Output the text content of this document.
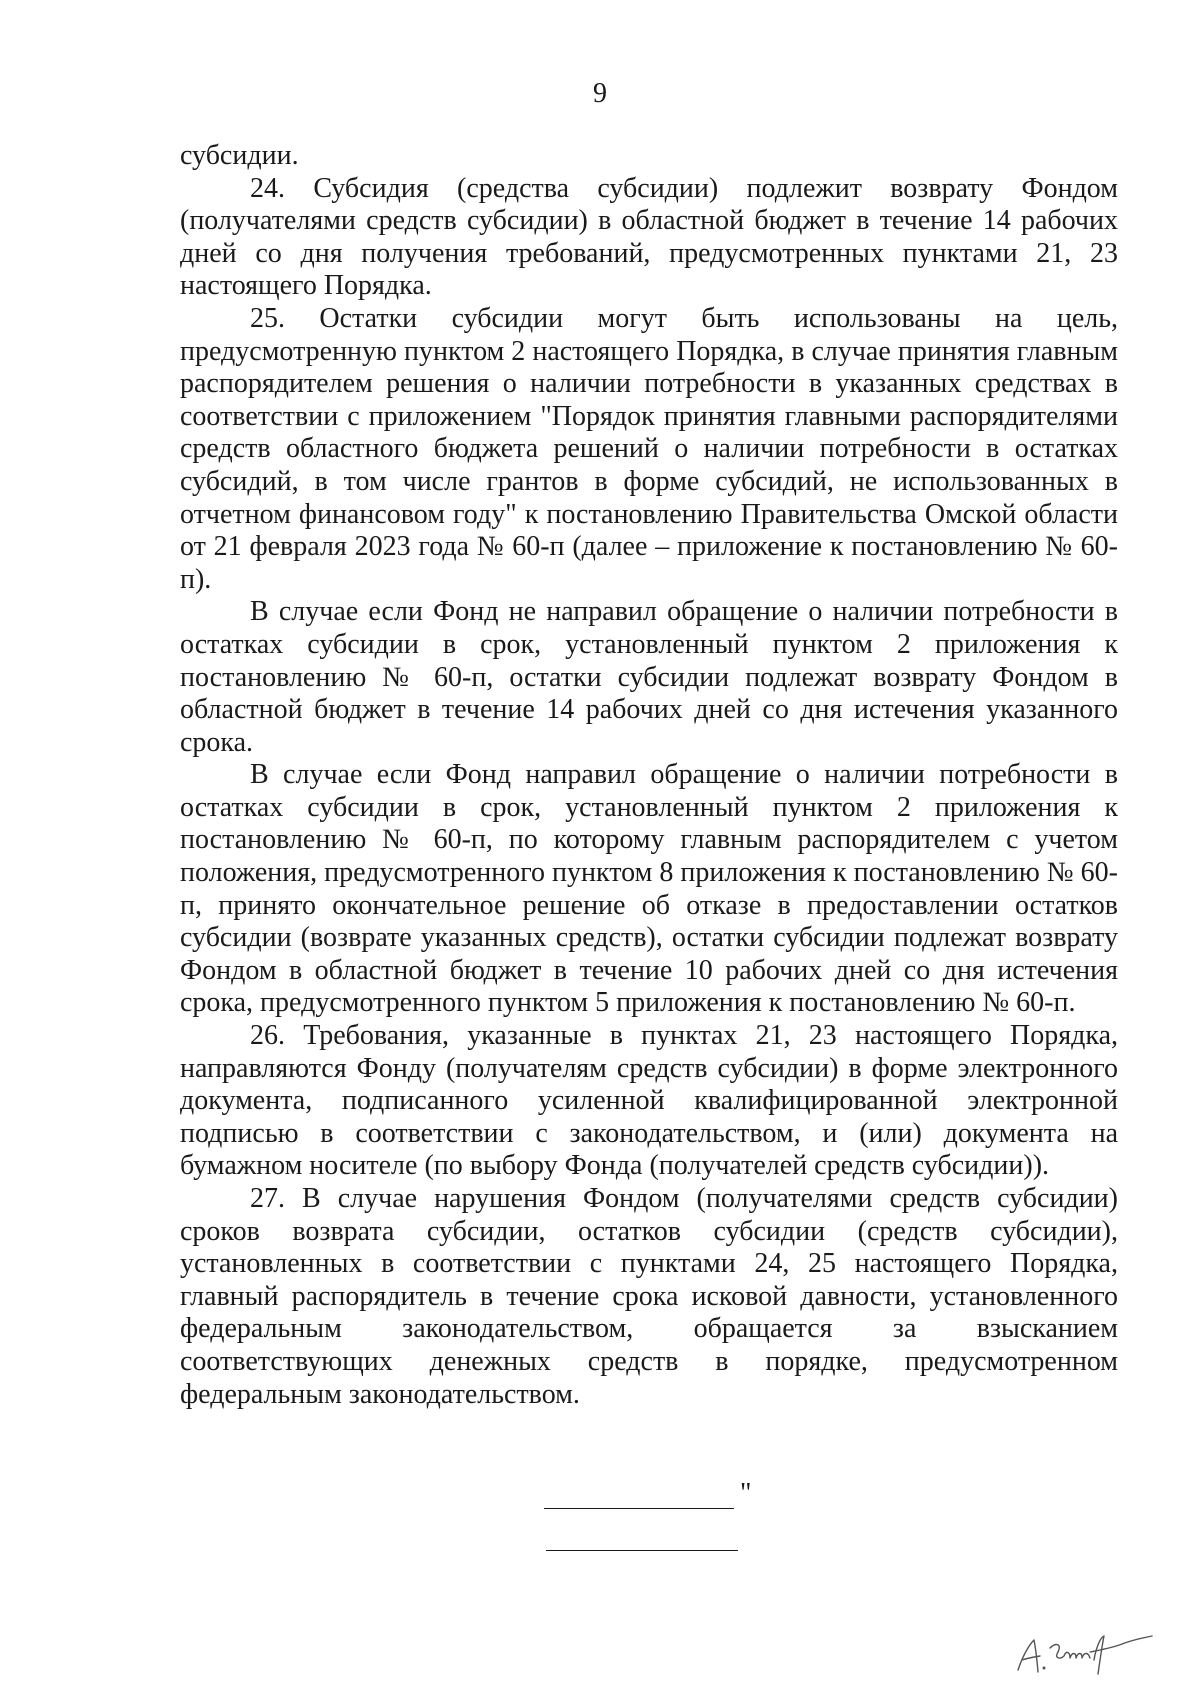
9

субсидии.

24. Субсидия (средства субсидии) подлежит возврату Фондом (получателями средств субсидии) в областной бюджет в течение 14 рабочих дней со дня получения требований, предусмотренных пунктами 21, 23 настоящего Порядка.

25. Остатки субсидии могут быть использованы на цель, предусмотренную пунктом 2 настоящего Порядка, в случае принятия главным распорядителем решения о наличии потребности в указанных средствах в соответствии с приложением "Порядок принятия главными распорядителями средств областного бюджета решений о наличии потребности в остатках субсидий, в том числе грантов в форме субсидий, не использованных в отчетном финансовом году" к постановлению Правительства Омской области от 21 февраля 2023 года № 60-п (далее – приложение к постановлению № 60-п).

В случае если Фонд не направил обращение о наличии потребности в остатках субсидии в срок, установленный пунктом 2 приложения к постановлению № 60-п, остатки субсидии подлежат возврату Фондом в областной бюджет в течение 14 рабочих дней со дня истечения указанного срока.

В случае если Фонд направил обращение о наличии потребности в остатках субсидии в срок, установленный пунктом 2 приложения к постановлению № 60-п, по которому главным распорядителем с учетом положения, предусмотренного пунктом 8 приложения к постановлению № 60-п, принято окончательное решение об отказе в предоставлении остатков субсидии (возврате указанных средств), остатки субсидии подлежат возврату Фондом в областной бюджет в течение 10 рабочих дней со дня истечения срока, предусмотренного пунктом 5 приложения к постановлению № 60-п.

26. Требования, указанные в пунктах 21, 23 настоящего Порядка, направляются Фонду (получателям средств субсидии) в форме электронного документа, подписанного усиленной квалифицированной электронной подписью в соответствии с законодательством, и (или) документа на бумажном носителе (по выбору Фонда (получателей средств субсидии)).

27. В случае нарушения Фондом (получателями средств субсидии) сроков возврата субсидии, остатков субсидии (средств субсидии), установленных в соответствии с пунктами 24, 25 настоящего Порядка, главный распорядитель в течение срока исковой давности, установленного федеральным законодательством, обращается за взысканием соответствующих денежных средств в порядке, предусмотренном федеральным законодательством.

"
